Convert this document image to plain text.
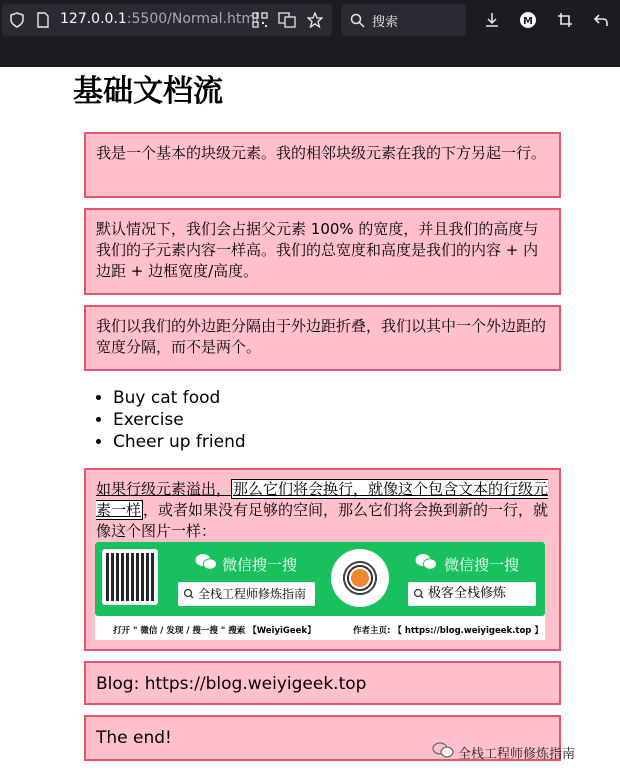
127.0.0.1:5500/Normal.html	搜索	M
基础文档流
我是一个基本的块级元素。我的相邻块级元素在我的下方另起一行。
默认情况下，我们会占据父元素 100% 的宽度，并且我们的高度与我们的子元素内容一样高。我们的总宽度和高度是我们的内容 + 内边距 + 边框宽度/高度。
我们以我们的外边距分隔由于外边距折叠，我们以其中一个外边距的宽度分隔，而不是两个。
• Buy cat food
• Exercise
• Cheer up friend
如果行级元素溢出， 那么它们将会换行，就像这个包含文本的行级元素一样 ，或者如果没有足够的空间，那么它们将会换到新的一行，就像这个图片一样：
微信搜一搜
全栈工程师修炼指南
微信搜一搜
极客全栈修炼
打开 " 微信 / 发现 / 搜一搜 " 搜索 【WeiyiGeek】	作者主页: 【 https://blog.weiyigeek.top 】
Blog: https://blog.weiyigeek.top
The end!
全栈工程师修炼指南
